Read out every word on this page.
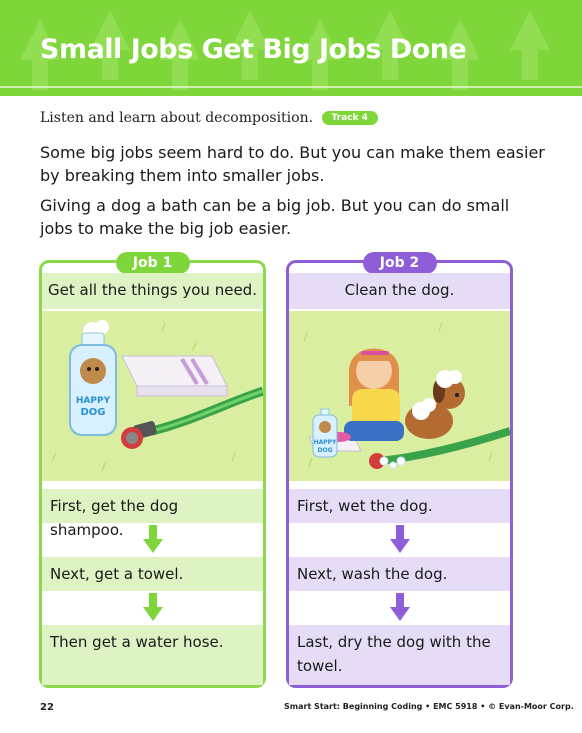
Small Jobs Get Big Jobs Done
Listen and learn about decomposition. Track 4
Some big jobs seem hard to do. But you can make them easier by breaking them into smaller jobs.
Giving a dog a bath can be a big job. But you can do small jobs to make the big job easier.
Job 1
Get all the things you need.
HAPPY
DOG
First, get the dog shampoo.
Next, get a towel.
Then get a water hose.
Job 2
Clean the dog.
HAPPY
DOG
First, wet the dog.
Next, wash the dog.
Last, dry the dog with the towel.
22	Smart Start: Beginning Coding • EMC 5918 • © Evan-Moor Corp.
